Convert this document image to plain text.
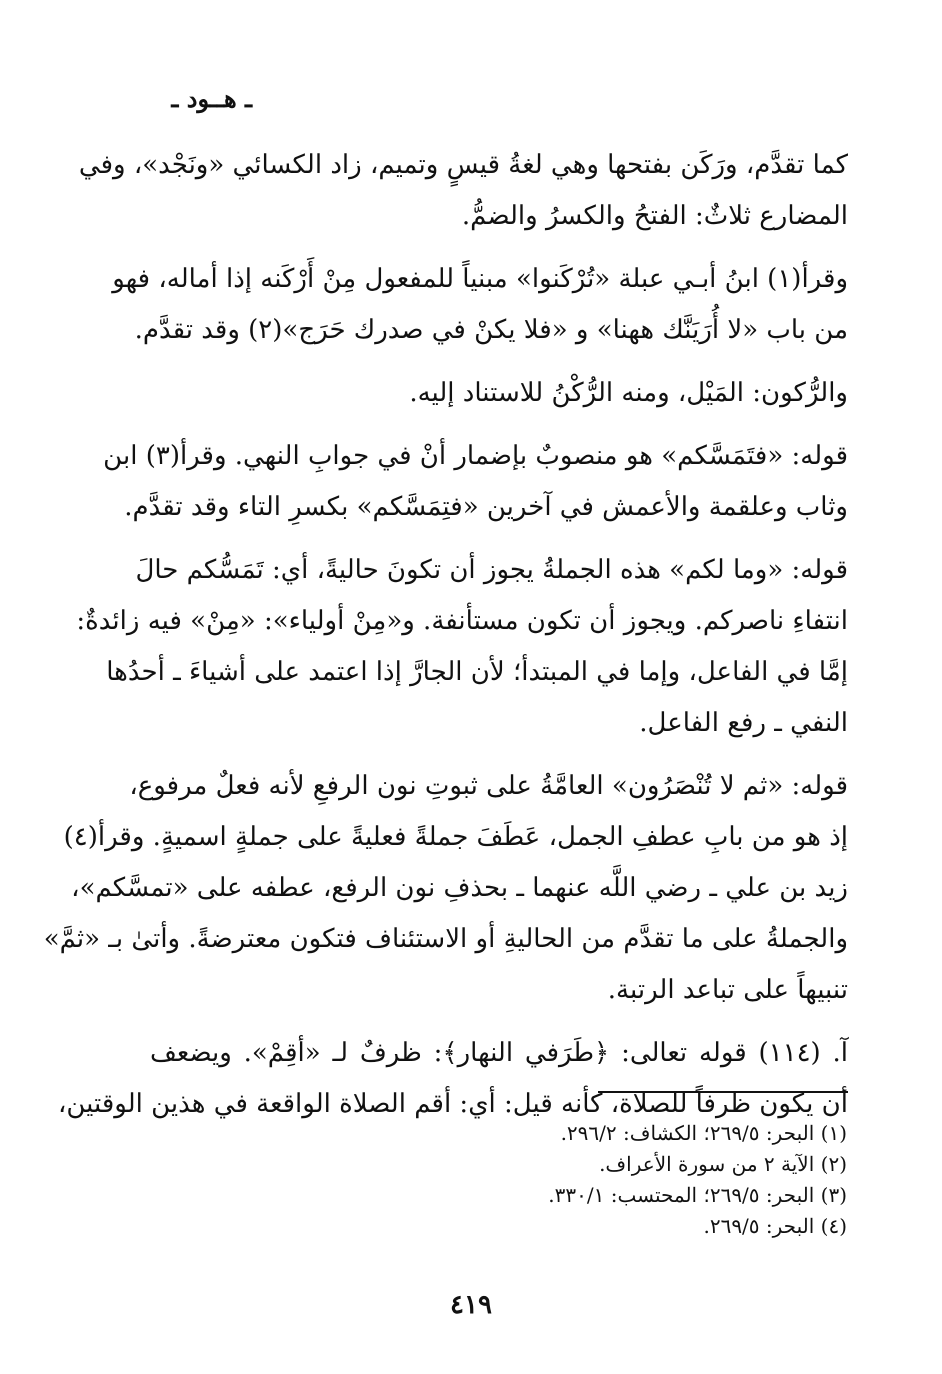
ـ هــود ـ
كما تقدَّم، ورَكَن بفتحها وهي لغةُ قيسٍ وتميم، زاد الكسائي «ونَجْد»، وفي
المضارع ثلاثٌ: الفتحُ والكسرُ والضمُّ.
وقرأ(١) ابنُ أبـي عبلة «تُرْكَنوا» مبنياً للمفعول مِنْ أَرْكَنه إذا أماله، فهو
من باب «لا أُرَيَنَّك ههنا» و «فلا يكنْ في صدرك حَرَج»(٢) وقد تقدَّم.
والرُّكون: المَيْل، ومنه الرُّكْنُ للاستناد إليه.
قوله: «فتَمَسَّكم» هو منصوبٌ بإضمار أنْ في جوابِ النهي. وقرأ(٣) ابن
وثاب وعلقمة والأعمش في آخرين «فتِمَسَّكم» بكسرِ التاء وقد تقدَّم.
قوله: «وما لكم» هذه الجملةُ يجوز أن تكونَ حاليةً، أي: تَمَسُّكم حالَ
انتفاءِ ناصركم. ويجوز أن تكون مستأنفة. و«مِنْ أولياء»: «مِنْ» فيه زائدةٌ:
إمَّا في الفاعل، وإما في المبتدأ؛ لأن الجارَّ إذا اعتمد على أشياءَ ـ أحدُها
النفي ـ رفع الفاعل.
قوله: «ثم لا تُنْصَرُون» العامَّةُ على ثبوتِ نون الرفعِ لأنه فعلٌ مرفوع،
إذ هو من بابِ عطفِ الجمل، عَطَفَ جملةً فعليةً على جملةٍ اسميةٍ. وقرأ(٤)
زيد بن علي ـ رضي اللَّه عنهما ـ بحذفِ نون الرفع، عطفه على «تمسَّكم»،
والجملةُ على ما تقدَّم من الحاليةِ أو الاستئناف فتكون معترضةً. وأتىٰ بـ «ثمَّ»
تنبيهاً على تباعد الرتبة.
آ. (١١٤) قوله تعالى: ﴿طَرَفي النهار﴾: ظرفٌ لـ «أقِمْ». ويضعف
أن يكون ظرفاً للصلاة، كأنه قيل: أي: أقم الصلاة الواقعة في هذين الوقتين،
(١) البحر: ٢٦٩/٥؛ الكشاف: ٢٩٦/٢.
(٢) الآية ٢ من سورة الأعراف.
(٣) البحر: ٢٦٩/٥؛ المحتسب: ٣٣٠/١.
(٤) البحر: ٢٦٩/٥.
٤١٩
